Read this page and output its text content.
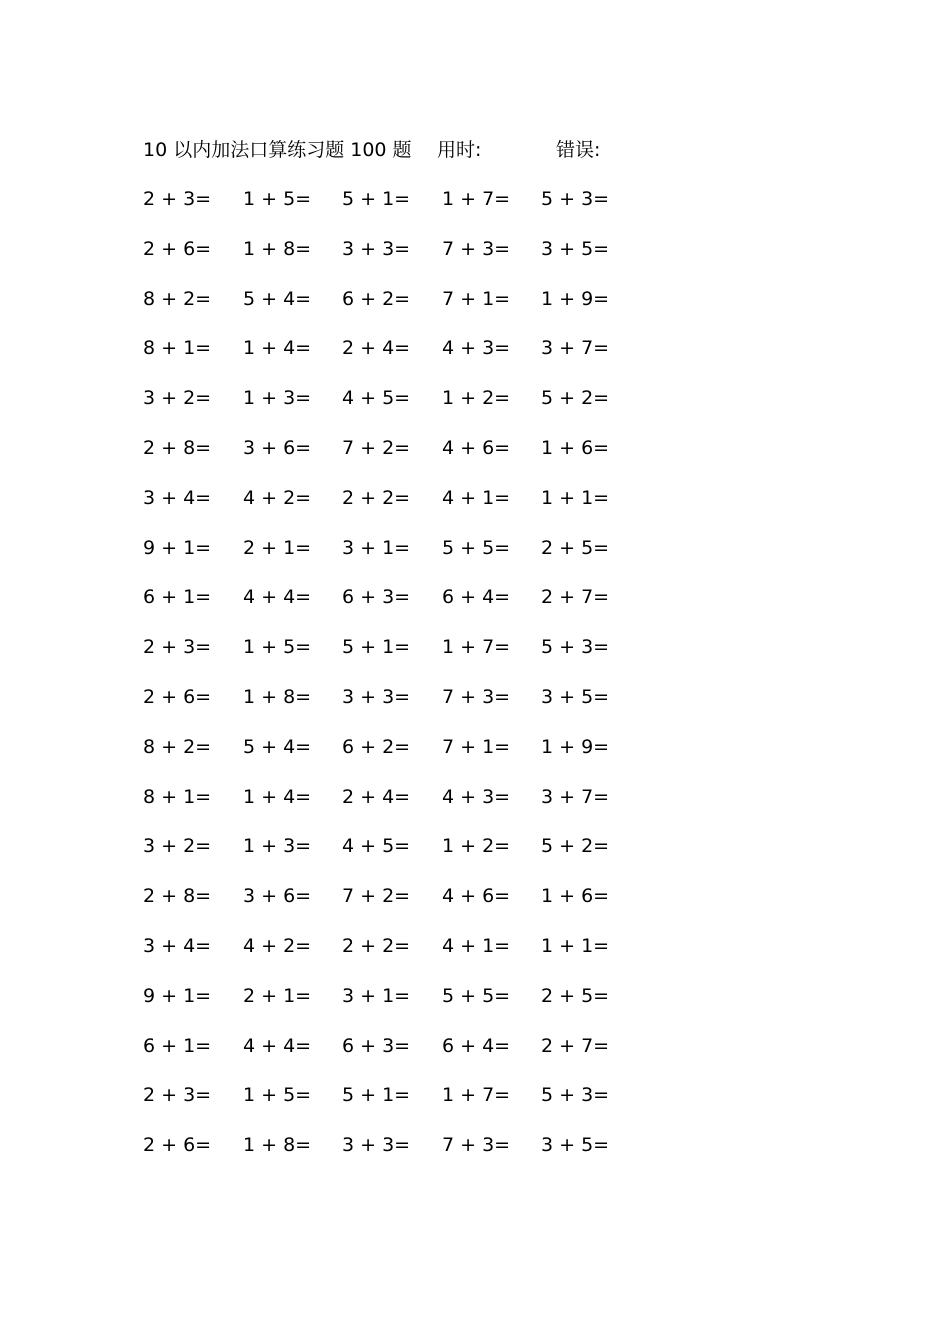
10 以内加法口算练习题 100 题 用时:	错误:
2 + 3=	1 + 5=	5 + 1=	1 + 7=	5 + 3=
2 + 6=	1 + 8=	3 + 3=	7 + 3=	3 + 5=
8 + 2=	5 + 4=	6 + 2=	7 + 1=	1 + 9=
8 + 1=	1 + 4=	2 + 4=	4 + 3=	3 + 7=
3 + 2=	1 + 3=	4 + 5=	1 + 2=	5 + 2=
2 + 8=	3 + 6=	7 + 2=	4 + 6=	1 + 6=
3 + 4=	4 + 2=	2 + 2=	4 + 1=	1 + 1=
9 + 1=	2 + 1=	3 + 1=	5 + 5=	2 + 5=
6 + 1=	4 + 4=	6 + 3=	6 + 4=	2 + 7=
2 + 3=	1 + 5=	5 + 1=	1 + 7=	5 + 3=
2 + 6=	1 + 8=	3 + 3=	7 + 3=	3 + 5=
8 + 2=	5 + 4=	6 + 2=	7 + 1=	1 + 9=
8 + 1=	1 + 4=	2 + 4=	4 + 3=	3 + 7=
3 + 2=	1 + 3=	4 + 5=	1 + 2=	5 + 2=
2 + 8=	3 + 6=	7 + 2=	4 + 6=	1 + 6=
3 + 4=	4 + 2=	2 + 2=	4 + 1=	1 + 1=
9 + 1=	2 + 1=	3 + 1=	5 + 5=	2 + 5=
6 + 1=	4 + 4=	6 + 3=	6 + 4=	2 + 7=
2 + 3=	1 + 5=	5 + 1=	1 + 7=	5 + 3=
2 + 6=	1 + 8=	3 + 3=	7 + 3=	3 + 5=
